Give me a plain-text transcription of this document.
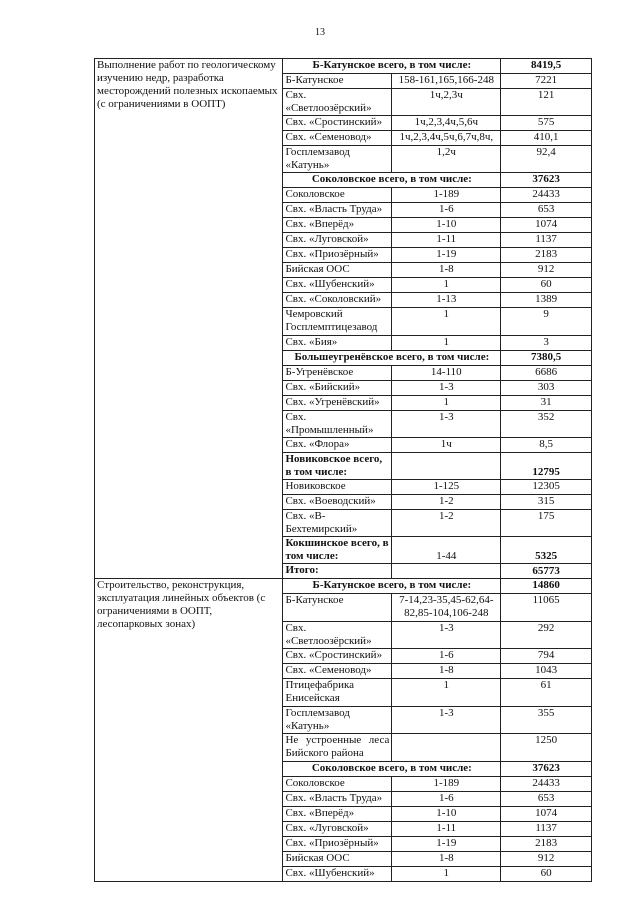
13
Выполнение работ по геологическому изучению недр, разработка месторождений полезных ископаемых (с ограничениями в ООПТ)	Б-Катунское всего, в том числе:		8419,5
	Б-Катунское	158-161,165,166-248	7221
	Свх. «Светлоозёрский»	1ч,2,3ч	121
	Свх. «Сростинский»	1ч,2,3,4ч,5,6ч	575
	Свх. «Семеновод»	1ч,2,3,4ч,5ч,6,7ч,8ч,	410,1
	Госплемзавод «Катунь»	1,2ч	92,4
	Соколовское всего, в том числе:		37623
	Соколовское	1-189	24433
	Свх. «Власть Труда»	1-6	653
	Свх. «Вперёд»	1-10	1074
	Свх. «Луговской»	1-11	1137
	Свх. «Приозёрный»	1-19	2183
	Бийская ООС	1-8	912
	Свх. «Шубенский»	1	60
	Свх. «Соколовский»	1-13	1389
	Чемровский Госплемптицезавод	1	9
	Свх. «Бия»	1	3
	Большеугренёвское всего, в том числе:		7380,5
	Б-Угренёвское	14-110	6686
	Свх. «Бийский»	1-3	303
	Свх. «Угренёвский»	1	31
	Свх. «Промышленный»	1-3	352
	Свх. «Флора»	1ч	8,5
	Новиковское всего, в том числе:		12795
	Новиковское	1-125	12305
	Свх. «Воеводский»	1-2	315
	Свх. «В-Бехтемирский»	1-2	175
	Кокшинское всего, в том числе:	1-44	5325
	Итого:		65773
Строительство, реконструкция, эксплуатация линейных объектов (с ограничениями в ООПТ, лесопарковых зонах)	Б-Катунское всего, в том числе:		14860
	Б-Катунское	7-14,23-35,45-62,64-82,85-104,106-248	11065
	Свх. «Светлоозёрский»	1-3	292
	Свх. «Сростинский»	1-6	794
	Свх. «Семеновод»	1-8	1043
	Птицефабрика Енисейская	1	61
	Госплемзавод «Катунь»	1-3	355
	Не устроенные леса Бийского района		1250
	Соколовское всего, в том числе:		37623
	Соколовское	1-189	24433
	Свх. «Власть Труда»	1-6	653
	Свх. «Вперёд»	1-10	1074
	Свх. «Луговской»	1-11	1137
	Свх. «Приозёрный»	1-19	2183
	Бийская ООС	1-8	912
	Свх. «Шубенский»	1	60
